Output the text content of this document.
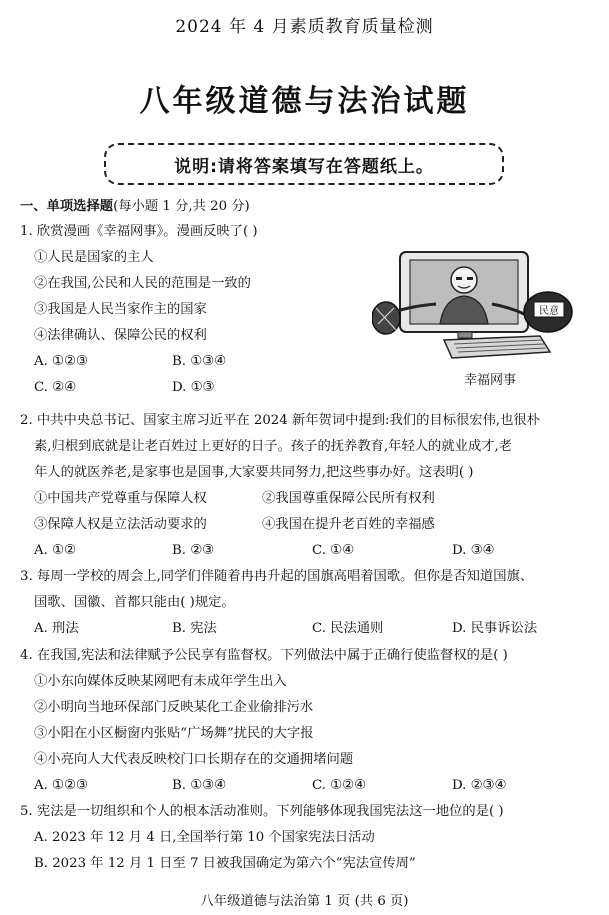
2024 年 4 月素质教育质量检测
八年级道德与法治试题
说明:请将答案填写在答题纸上。
一、单项选择题(每小题 1 分,共 20 分)
1. 欣赏漫画《幸福网事》。漫画反映了( )
①人民是国家的主人
②在我国,公民和人民的范围是一致的
③我国是人民当家作主的国家
④法律确认、保障公民的权利
A. ①②③	B. ①③④
C. ②④	D. ①③
民意
幸福网事
2. 中共中央总书记、国家主席习近平在 2024 新年贺词中提到:我们的目标很宏伟,也很朴
素,归根到底就是让老百姓过上更好的日子。孩子的抚养教育,年轻人的就业成才,老
年人的就医养老,是家事也是国事,大家要共同努力,把这些事办好。这表明( )
①中国共产党尊重与保障人权	②我国尊重保障公民所有权利
③保障人权是立法活动要求的	④我国在提升老百姓的幸福感
A. ①②	B. ②③	C. ①④	D. ③④
3. 每周一学校的周会上,同学们伴随着冉冉升起的国旗高唱着国歌。但你是否知道国旗、
国歌、国徽、首都只能由( )规定。
A. 刑法	B. 宪法	C. 民法通则	D. 民事诉讼法
4. 在我国,宪法和法律赋予公民享有监督权。下列做法中属于正确行使监督权的是( )
①小东向媒体反映某网吧有未成年学生出入
②小明向当地环保部门反映某化工企业偷排污水
③小阳在小区橱窗内张贴“广场舞”扰民的大字报
④小亮向人大代表反映校门口长期存在的交通拥堵问题
A. ①②③	B. ①③④	C. ①②④	D. ②③④
5. 宪法是一切组织和个人的根本活动准则。下列能够体现我国宪法这一地位的是( )
A. 2023 年 12 月 4 日,全国举行第 10 个国家宪法日活动
B. 2023 年 12 月 1 日至 7 日被我国确定为第六个“宪法宣传周”
八年级道德与法治第 1 页 (共 6 页)
